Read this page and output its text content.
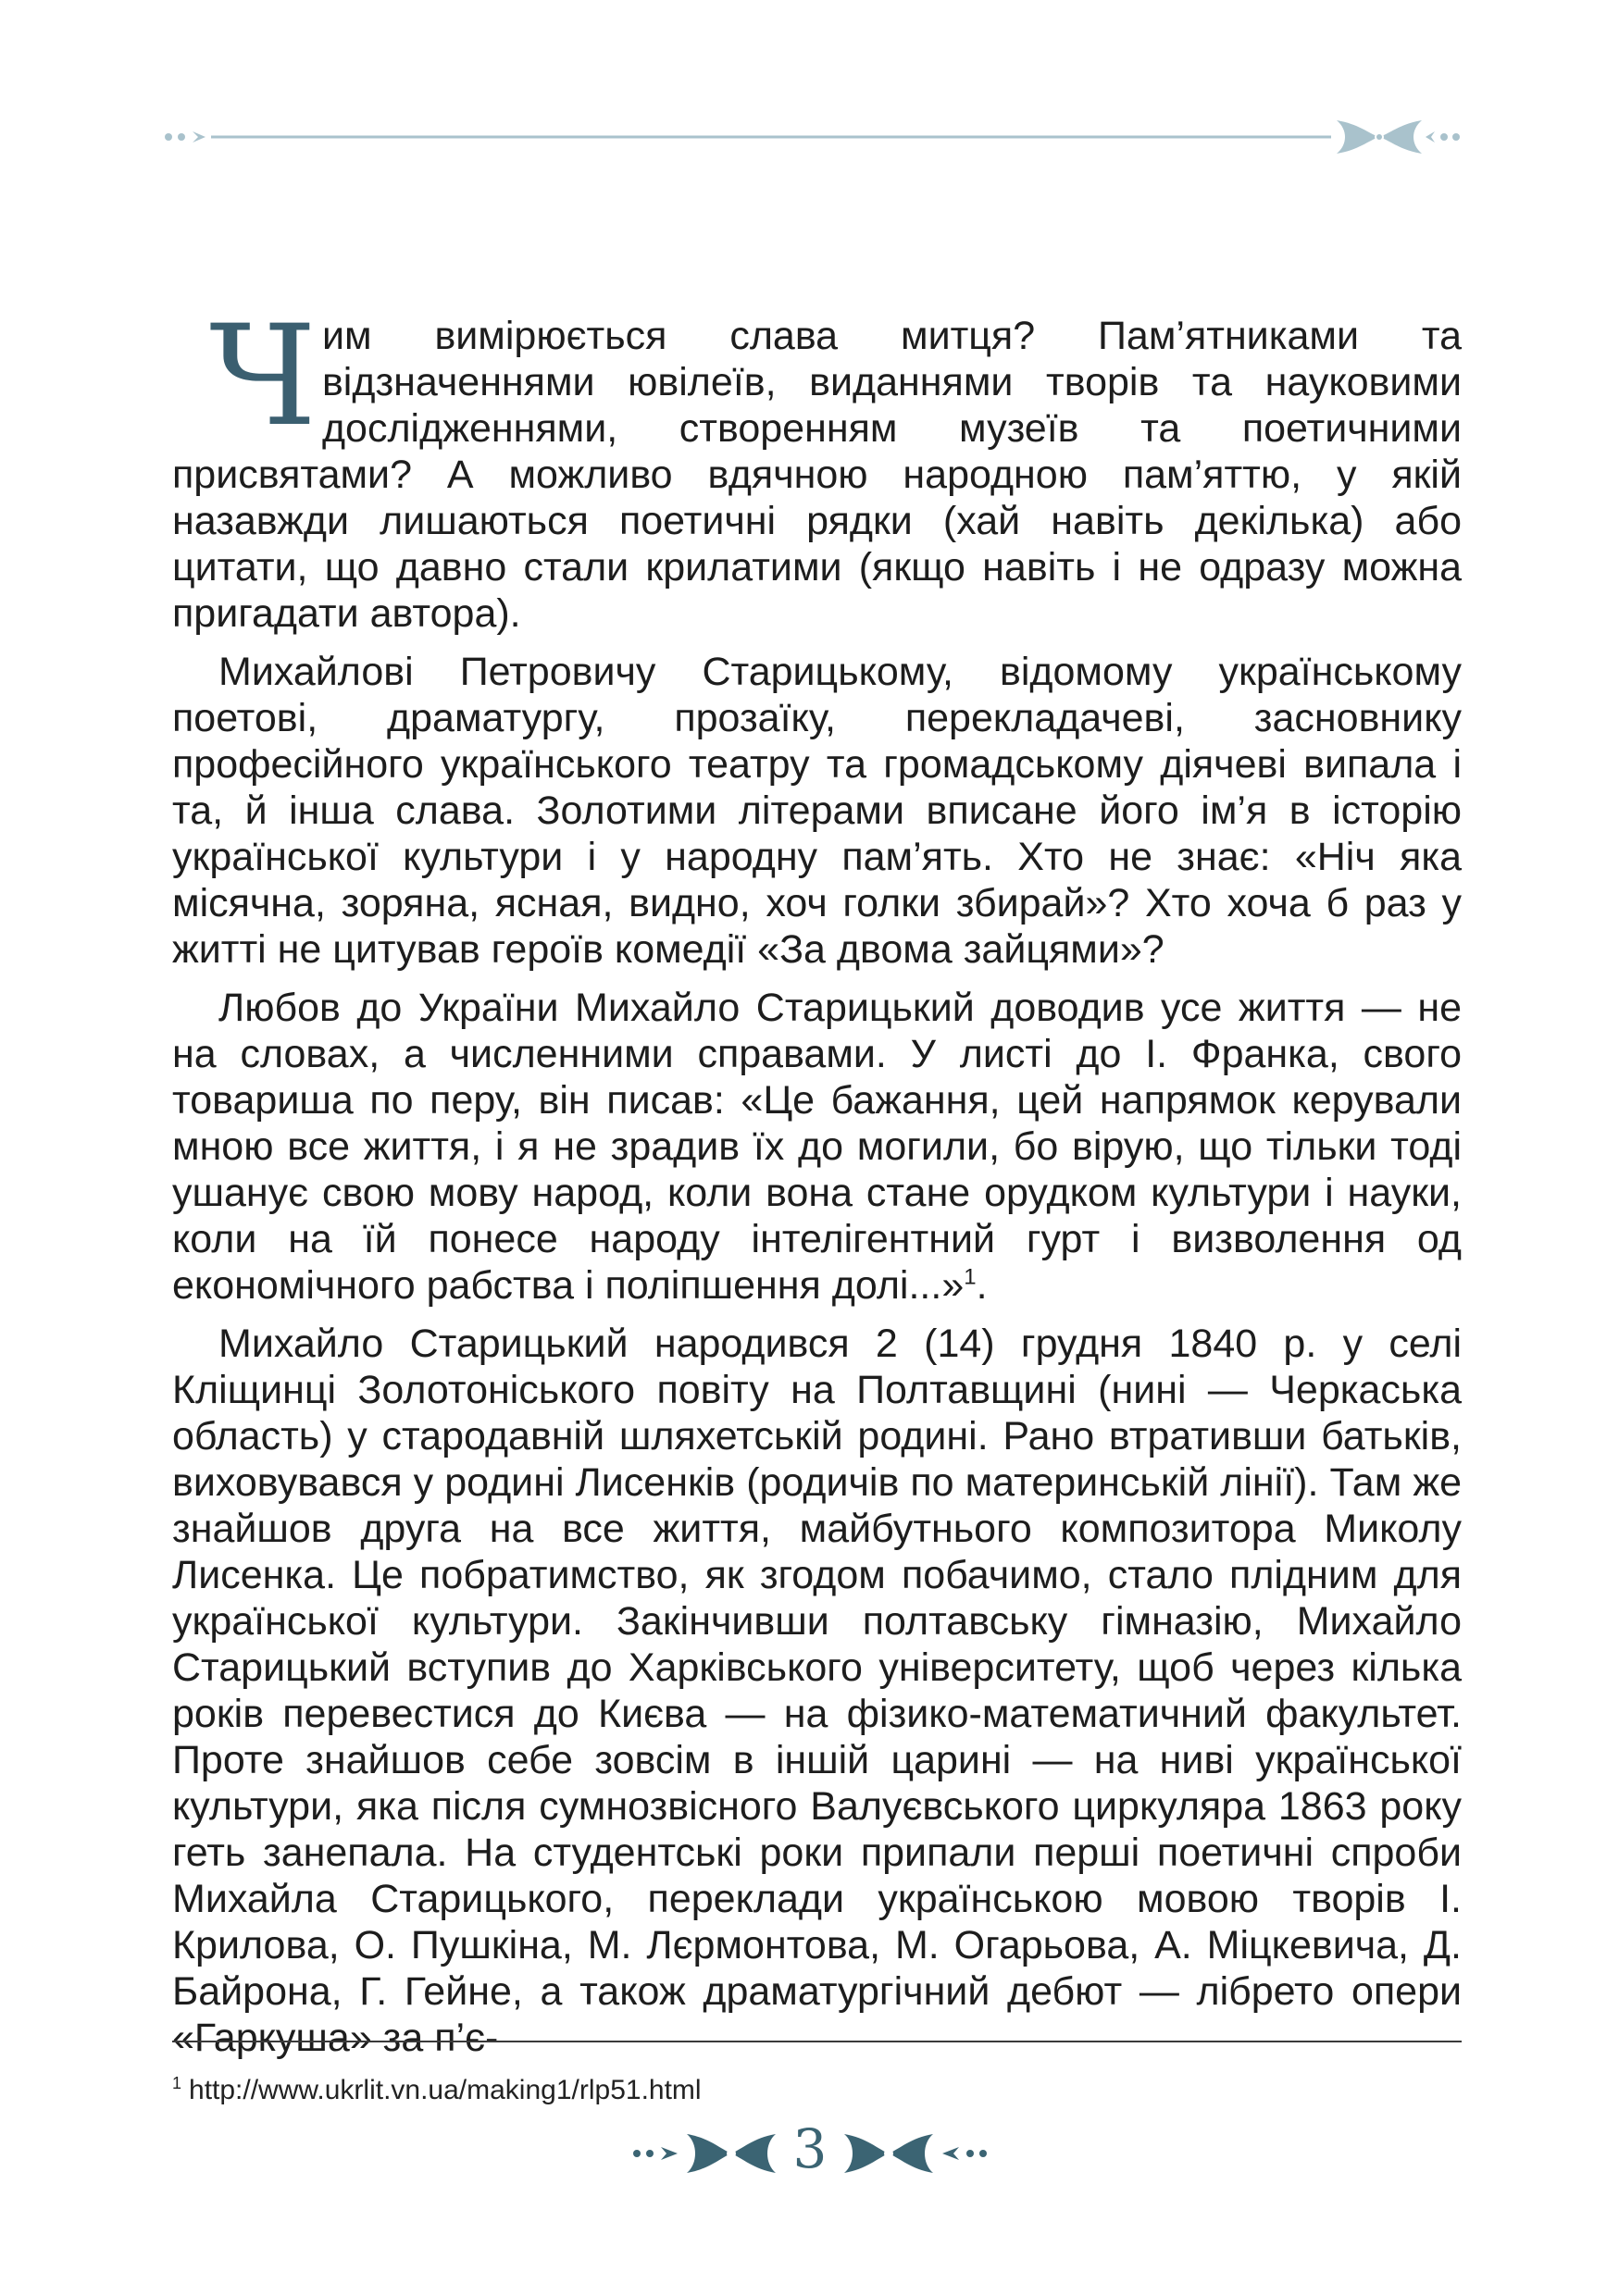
Чим вимірюється слава митця? Пам’ятниками та відзначеннями ювілеїв, виданнями творів та науковими дослідженнями, створенням музеїв та поетичними присвятами? А можливо вдячною народною пам’яттю, у якій назавжди лишаються поетичні рядки (хай навіть декілька) або цитати, що давно стали крилатими (якщо навіть і не одразу можна пригадати автора).

Михайлові Петровичу Старицькому, відомому українському поетові, драматургу, прозаїку, перекладачеві, засновнику професійного українського театру та громадському діячеві випала і та, й інша слава. Золотими літерами вписане його ім’я в історію української культури і у народну пам’ять. Хто не знає: «Ніч яка місячна, зоряна, ясная, видно, хоч голки збирай»? Хто хоча б раз у житті не цитував героїв комедії «За двома зайцями»?

Любов до України Михайло Старицький доводив усе життя — не на словах, а численними справами. У листі до І. Франка, свого товариша по перу, він писав: «Це бажання, цей напрямок керували мною все життя, і я не зрадив їх до могили, бо вірую, що тільки тоді ушанує свою мову народ, коли вона стане орудком культури і науки, коли на їй понесе народу інтелігентний гурт і визволення од економічного рабства і поліпшення долі...»$^1$.

Михайло Старицький народився 2 (14) грудня 1840 р. у селі Кліщинці Золотоніського повіту на Полтавщині (нині — Черкаська область) у стародавній шляхетській родині. Рано втративши батьків, виховувався у родині Лисенків (родичів по материнській лінії). Там же знайшов друга на все життя, майбутнього композитора Миколу Лисенка. Це побратимство, як згодом побачимо, стало плідним для української культури. Закінчивши полтавську гімназію, Михайло Старицький вступив до Харківського університету, щоб через кілька років перевестися до Києва — на фізико-математичний факультет. Проте знайшов себе зовсім в іншій царині — на ниві української культури, яка після сумнозвісного Валуєвського циркуляра 1863 року геть занепала. На студентські роки припали перші поетичні спроби Михайла Старицького, переклади українською мовою творів І. Крилова, О. Пушкіна, М. Лєрмонтова, М. Огарьова, А. Міцкевича, Д. Байрона, Г. Гейне, а також драматургічний дебют — лібрето опери «Гаркуша» за п’є-

$^1$ http://www.ukrlit.vn.ua/making1/rlp51.html
3
